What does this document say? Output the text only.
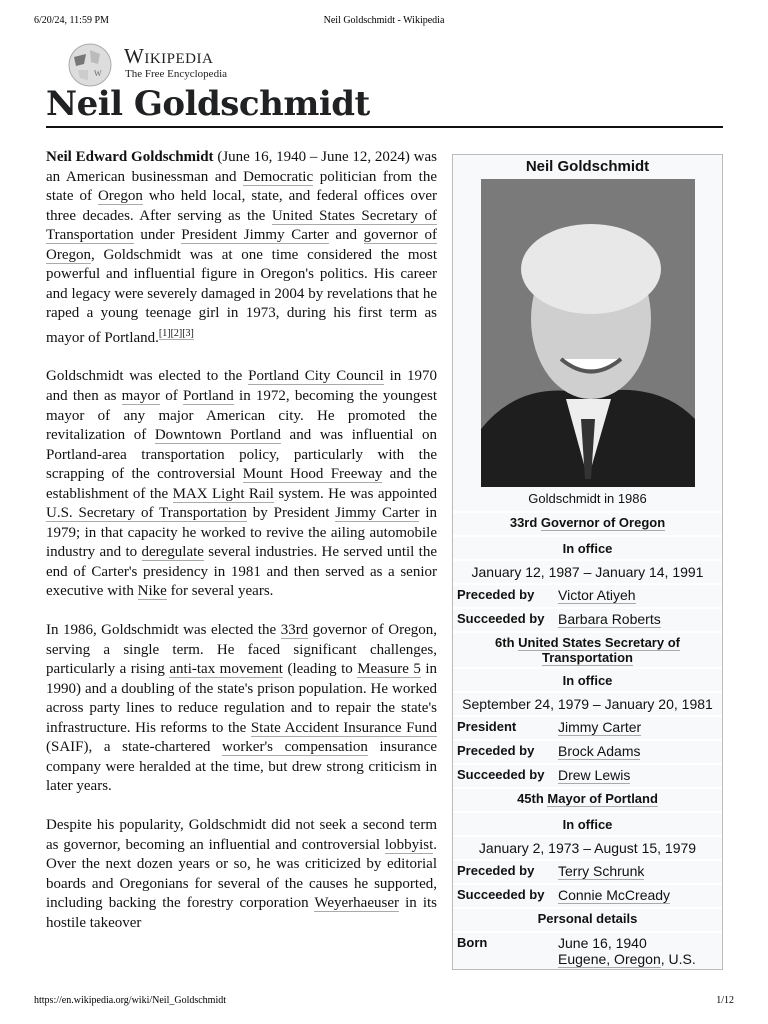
6/20/24, 11:59 PM	Neil Goldschmidt - Wikipedia
W
Wikipedia
The Free Encyclopedia
Neil Goldschmidt

Neil Edward Goldschmidt (June 16, 1940 – June 12, 2024) was an American businessman and Democratic politician from the state of Oregon who held local, state, and federal offices over three decades. After serving as the United States Secretary of Transportation under President Jimmy Carter and governor of Oregon, Goldschmidt was at one time considered the most powerful and influential figure in Oregon's politics. His career and legacy were severely damaged in 2004 by revelations that he raped a young teenage girl in 1973, during his first term as mayor of Portland.[1][2][3]

Goldschmidt was elected to the Portland City Council in 1970 and then as mayor of Portland in 1972, becoming the youngest mayor of any major American city. He promoted the revitalization of Downtown Portland and was influential on Portland-area transportation policy, particularly with the scrapping of the controversial Mount Hood Freeway and the establishment of the MAX Light Rail system. He was appointed U.S. Secretary of Transportation by President Jimmy Carter in 1979; in that capacity he worked to revive the ailing automobile industry and to deregulate several industries. He served until the end of Carter's presidency in 1981 and then served as a senior executive with Nike for several years.

In 1986, Goldschmidt was elected the 33rd governor of Oregon, serving a single term. He faced significant challenges, particularly a rising anti-tax movement (leading to Measure 5 in 1990) and a doubling of the state's prison population. He worked across party lines to reduce regulation and to repair the state's infrastructure. His reforms to the State Accident Insurance Fund (SAIF), a state-chartered worker's compensation insurance company were heralded at the time, but drew strong criticism in later years.

Despite his popularity, Goldschmidt did not seek a second term as governor, becoming an influential and controversial lobbyist. Over the next dozen years or so, he was criticized by editorial boards and Oregonians for several of the causes he supported, including backing the forestry corporation Weyerhaeuser in its hostile takeover

Neil Goldschmidt
Goldschmidt in 1986
33rd Governor of Oregon
In office
January 12, 1987 – January 14, 1991
Preceded by	Victor Atiyeh
Succeeded by Barbara Roberts
6th United States Secretary of Transportation
In office
September 24, 1979 – January 20, 1981
President	Jimmy Carter
Preceded by	Brock Adams
Succeeded by Drew Lewis
45th Mayor of Portland
In office
January 2, 1973 – August 15, 1979
Preceded by	Terry Schrunk
Succeeded by Connie McCready
Personal details
Born	June 16, 1940
Eugene, Oregon, U.S.
https://en.wikipedia.org/wiki/Neil_Goldschmidt	1/12
